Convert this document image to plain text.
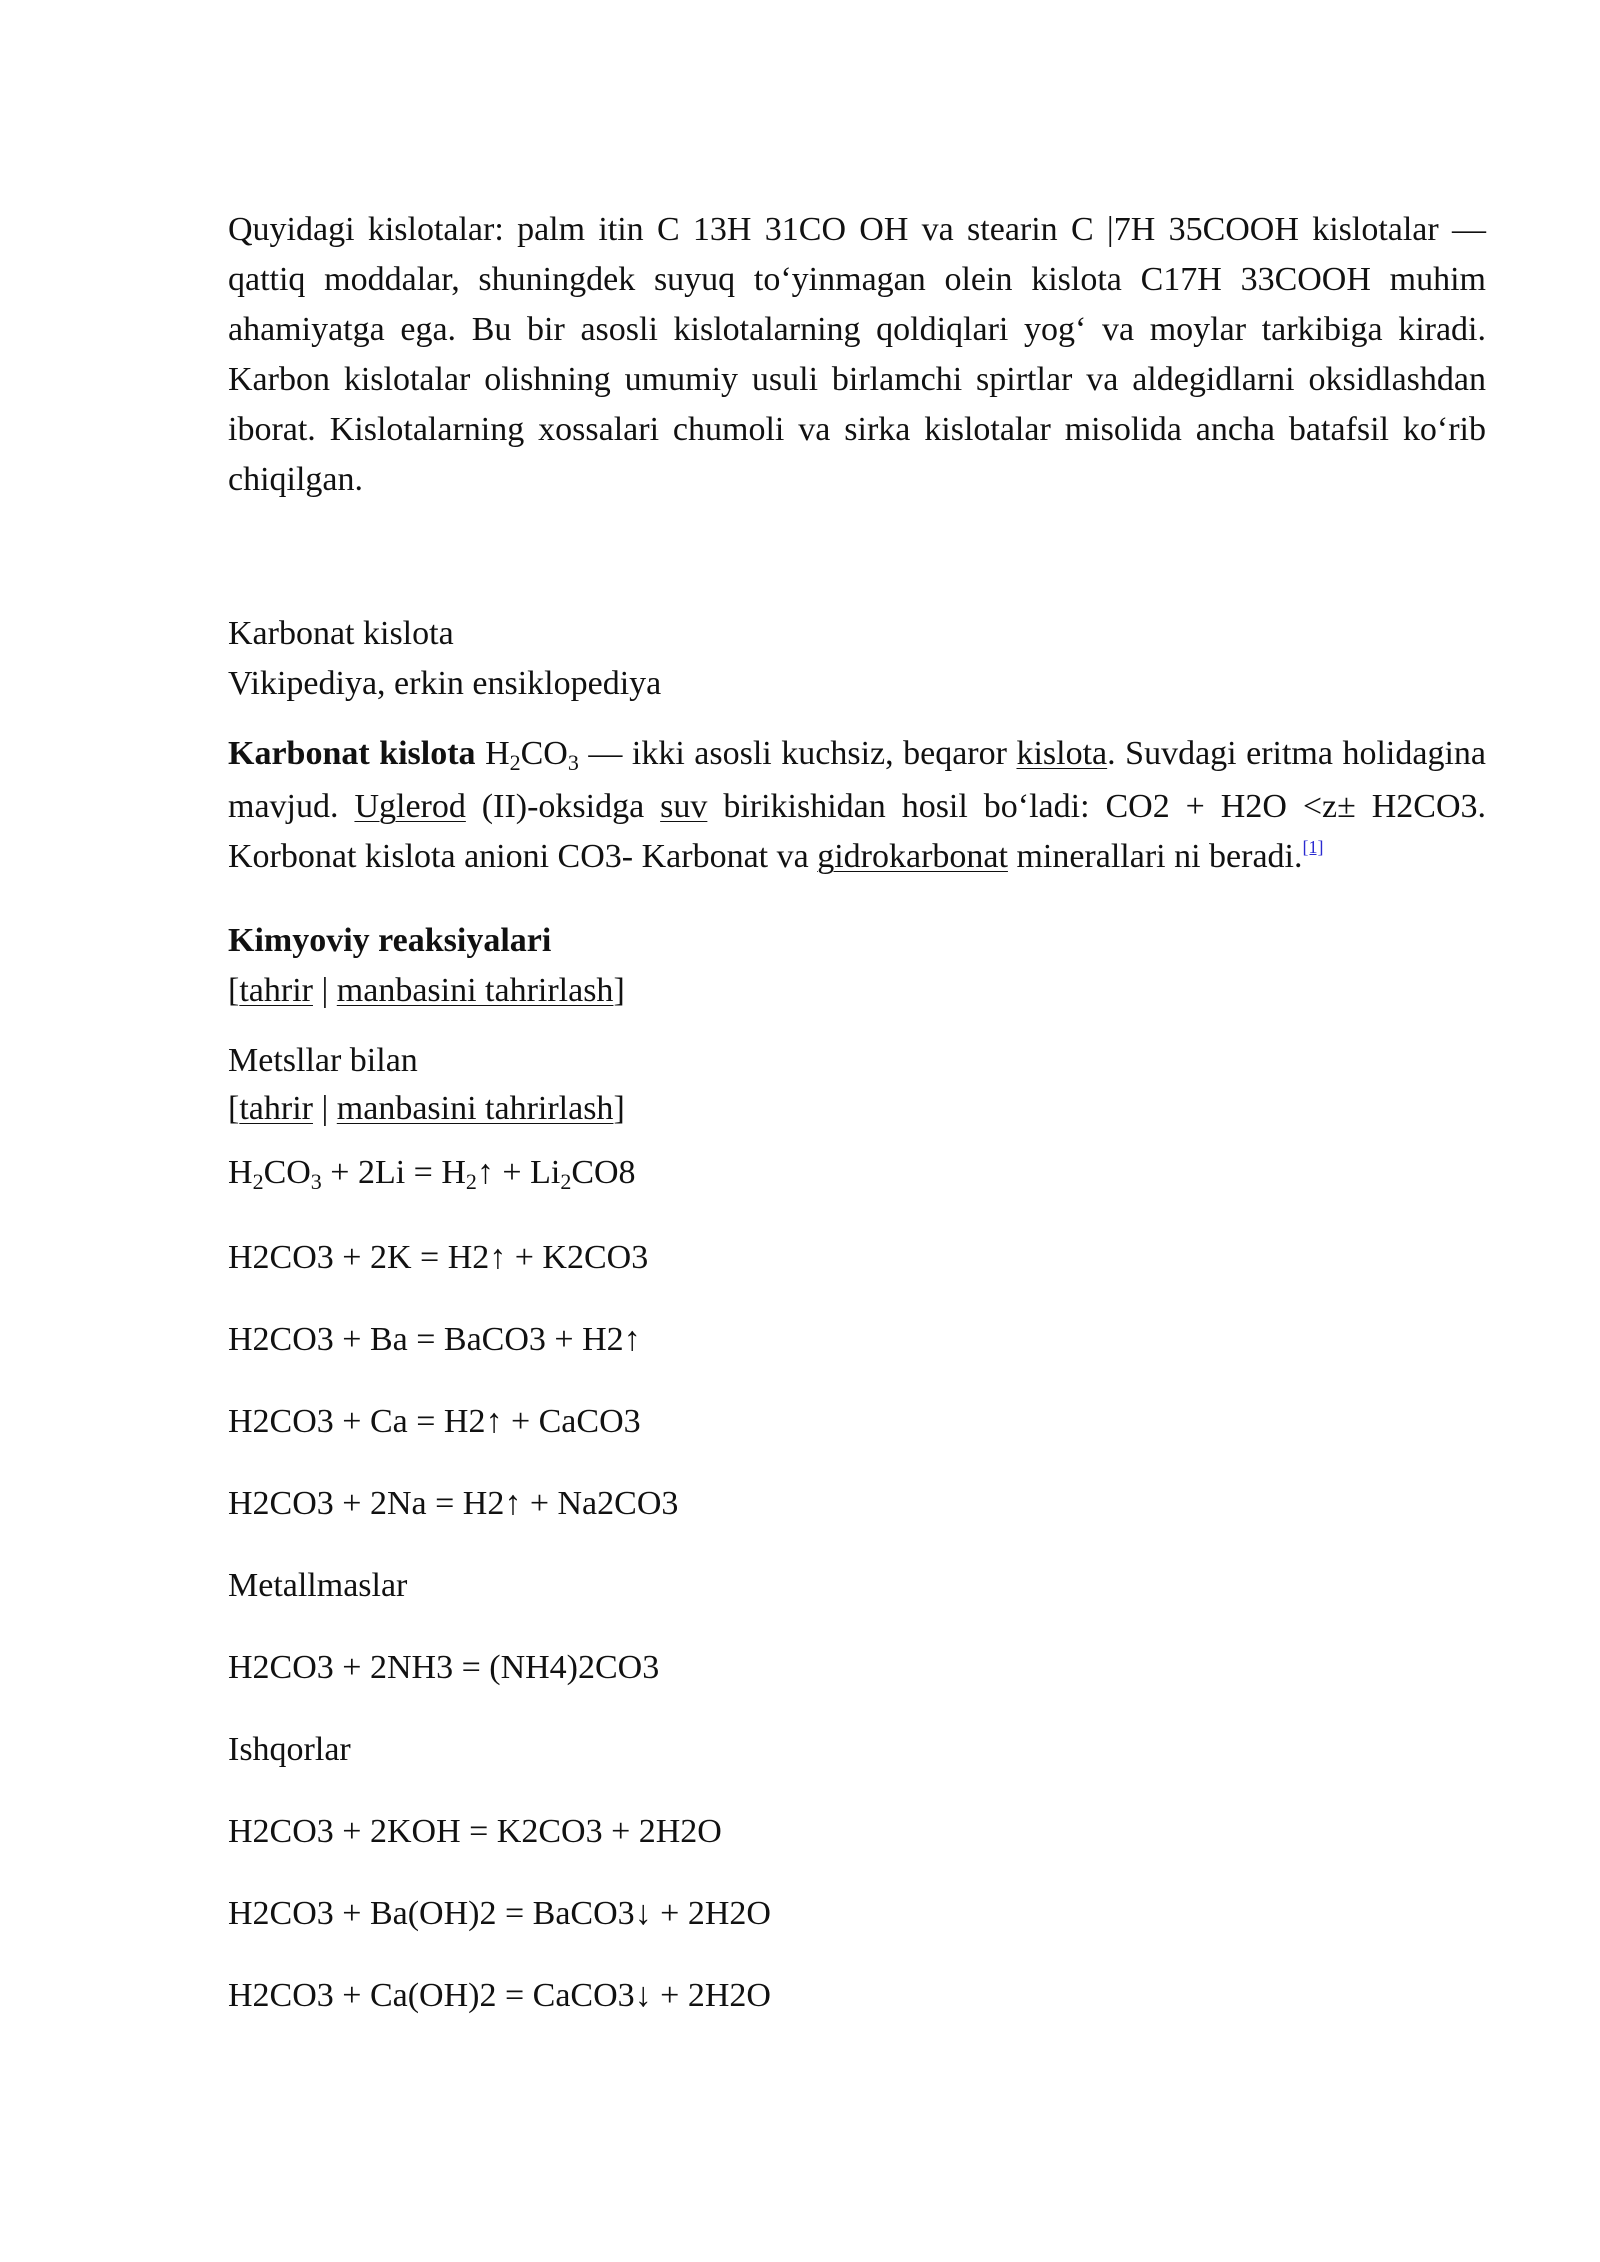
Quyidagi kislotalar: palm itin C 13H 31CO OH va stearin C |7H 35COOH kislotalar — qattiq moddalar, shuningdek suyuq to‘yinmagan olein kislota C17H 33COOH muhim ahamiyatga ega. Bu bir asosli kislotalarning qoldiqlari yog‘ va moylar tarkibiga kiradi. Karbon kislotalar olishning umumiy usuli birlamchi spirtlar va aldegidlarni oksidlashdan iborat. Kislotalarning xossalari chumoli va sirka kislotalar misolida ancha batafsil ko‘rib chiqilgan.

Karbonat kislota

Vikipediya, erkin ensiklopediya

Karbonat kislota $H_2CO_3$ — ikki asosli kuchsiz, beqaror kislota. Suvdagi eritma holidagina mavjud. Uglerod (II)-oksidga suv birikishidan hosil bo‘ladi: CO2 + H2O <z± H2CO3. Korbonat kislota anioni CO3- Karbonat va gidrokarbonat minerallari ni beradi.[1]

Kimyoviy reaksiyalari

[tahrir | manbasini tahrirlash]

Metsllar bilan

[tahrir | manbasini tahrirlash]

$H_2CO_3 + 2Li$ = $H_2↑ + Li_2CO8$

H2CO3 + 2K = H2↑ + K2CO3

H2CO3 + Ba = BaCO3 + H2↑

H2CO3 + Ca = H2↑ + CaCO3

H2CO3 + 2Na = H2↑ + Na2CO3

Metallmaslar

H2CO3 + 2NH3 = (NH4)2CO3

Ishqorlar

H2CO3 + 2KOH = K2CO3 + 2H2O

H2CO3 + Ba(OH)2 = BaCO3↓ + 2H2O

H2CO3 + Ca(OH)2 = CaCO3↓ + 2H2O
